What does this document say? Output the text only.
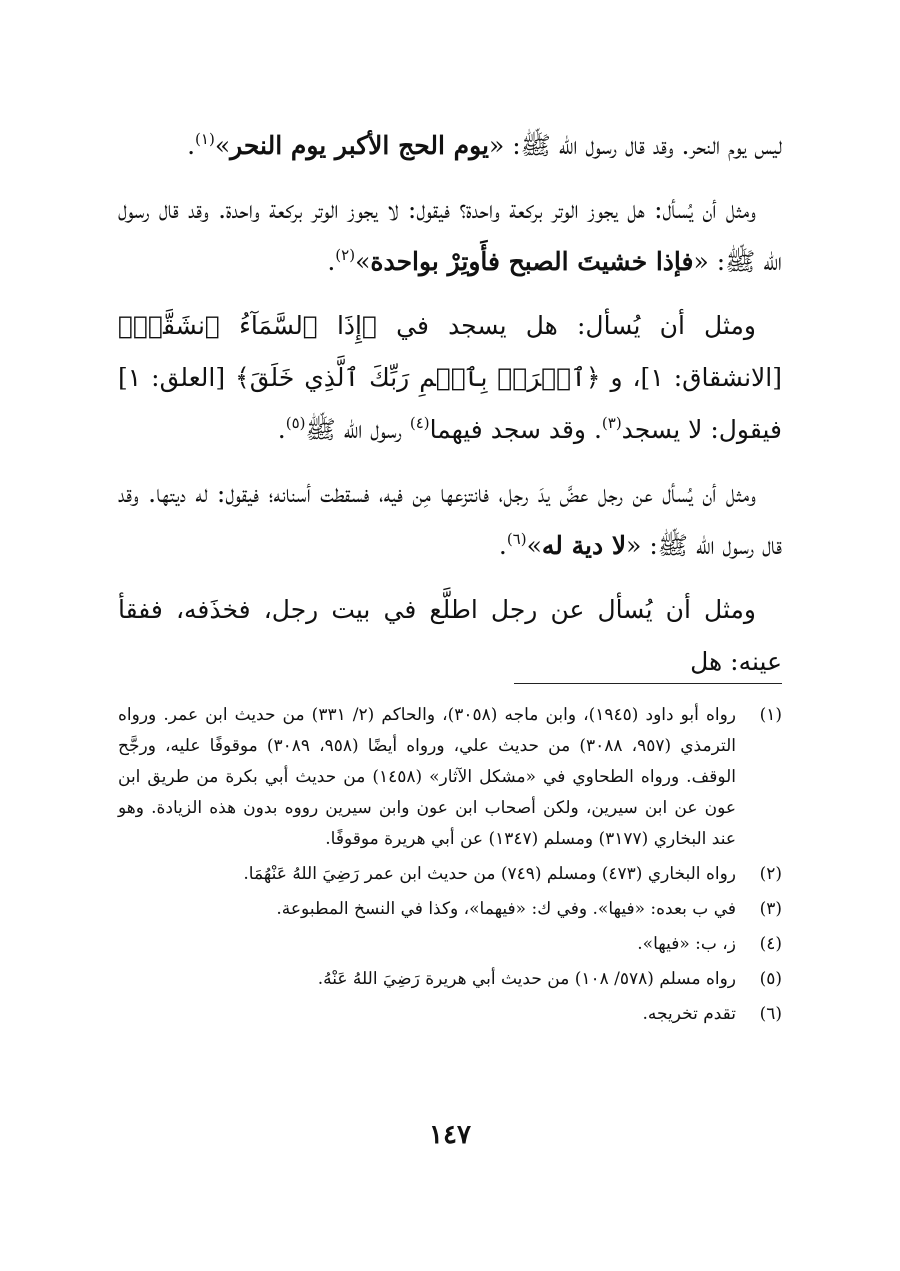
ليس يوم النحر. وقد قال رسول الله ﷺ: «يوم الحج الأكبر يوم النحر»$^{(١)}$.

ومثل أن يُسأل: هل يجوز الوتر بركعة واحدة؟ فيقول: لا يجوز الوتر بركعة واحدة. وقد قال رسول الله ﷺ: «فإذا خشيتَ الصبح فأَوتِرْ بواحدة»$^{(٢)}$.

ومثل أن يُسأل: هل يسجد في ﴿إِذَا ٱلسَّمَآءُ ٱنشَقَّتۡ﴾ [الانشقاق: ١]، و ﴿ٱقۡرَأۡ بِٱسۡمِ رَبِّكَ ٱلَّذِي خَلَقَ﴾ [العلق: ١] فيقول: لا يسجد$^{(٣)}$. وقد سجد فيهما$^{(٤)}$ رسول الله ﷺ$^{(٥)}$.

ومثل أن يُسأل عن رجل عضَّ يدَ رجل، فانتزعها مِن فيه، فسقطت أسنانه؛ فيقول: له ديتها. وقد قال رسول الله ﷺ: «لا دية له»$^{(٦)}$.

ومثل أن يُسأل عن رجل اطلَّع في بيت رجل، فخذَفه، ففقأ عينه: هل

(١)
رواه أبو داود (١٩٤٥)، وابن ماجه (٣٠٥٨)، والحاكم (٢/ ٣٣١) من حديث ابن عمر. ورواه الترمذي (٩٥٧، ٣٠٨٨) من حديث علي، ورواه أيضًا (٩٥٨، ٣٠٨٩) موقوفًا عليه، ورجَّح الوقف. ورواه الطحاوي في «مشكل الآثار» (١٤٥٨) من حديث أبي بكرة من طريق ابن عون عن ابن سيرين، ولكن أصحاب ابن عون وابن سيرين رووه بدون هذه الزيادة. وهو عند البخاري (٣١٧٧) ومسلم (١٣٤٧) عن أبي هريرة موقوفًا.
(٢)
رواه البخاري (٤٧٣) ومسلم (٧٤٩) من حديث ابن عمر رَضِيَ اللهُ عَنْهُمَا.
(٣)
في ب بعده: «فيها». وفي ك: «فيهما»، وكذا في النسخ المطبوعة.
(٤)
ز، ب: «فيها».
(٥)
رواه مسلم (٥٧٨/ ١٠٨) من حديث أبي هريرة رَضِيَ اللهُ عَنْهُ.
(٦)
تقدم تخريجه.
١٤٧
